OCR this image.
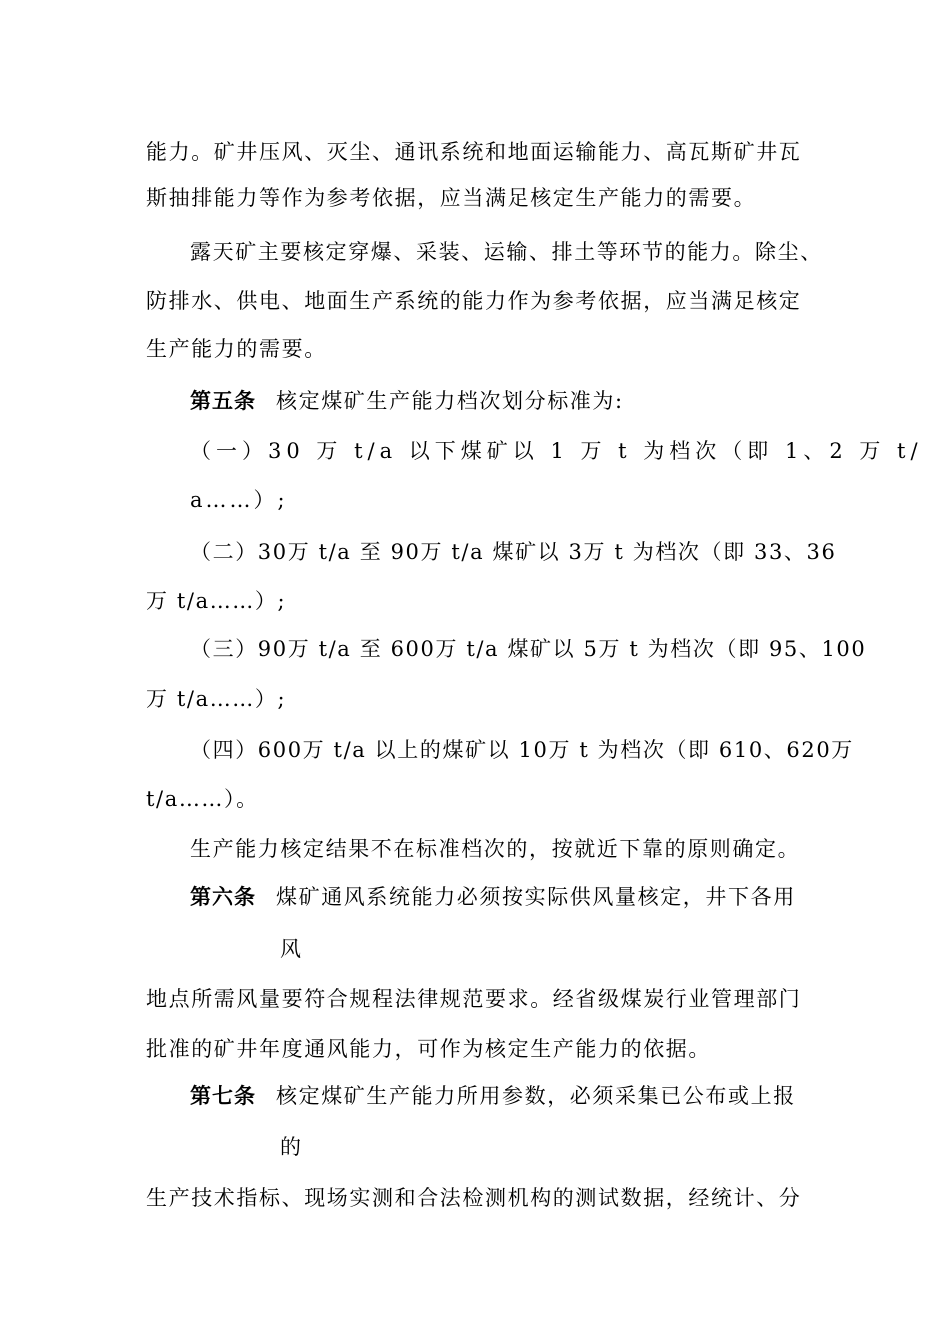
能力。矿井压风、灭尘、通讯系统和地面运输能力、高瓦斯矿井瓦
斯抽排能力等作为参考依据，应当满足核定生产能力的需要。
露天矿主要核定穿爆、采装、运输、排土等环节的能力。除尘、
防排水、供电、地面生产系统的能力作为参考依据，应当满足核定
生产能力的需要。
第五条 核定煤矿生产能力档次划分标准为:
（一）30 万 t/a 以下煤矿以 1 万 t 为档次（即 1、2 万 t/
a……）;
（二）30万 t/a 至 90万 t/a 煤矿以 3万 t 为档次（即 33、36
万 t/a……）;
（三）90万 t/a 至 600万 t/a 煤矿以 5万 t 为档次（即 95、100
万 t/a……）;
（四）600万 t/a 以上的煤矿以 10万 t 为档次（即 610、620万
t/a……）。
生产能力核定结果不在标准档次的，按就近下靠的原则确定。
第六条 煤矿通风系统能力必须按实际供风量核定，井下各用
风
地点所需风量要符合规程法律规范要求。经省级煤炭行业管理部门
批准的矿井年度通风能力，可作为核定生产能力的依据。
第七条 核定煤矿生产能力所用参数，必须采集已公布或上报
的
生产技术指标、现场实测和合法检测机构的测试数据，经统计、分
